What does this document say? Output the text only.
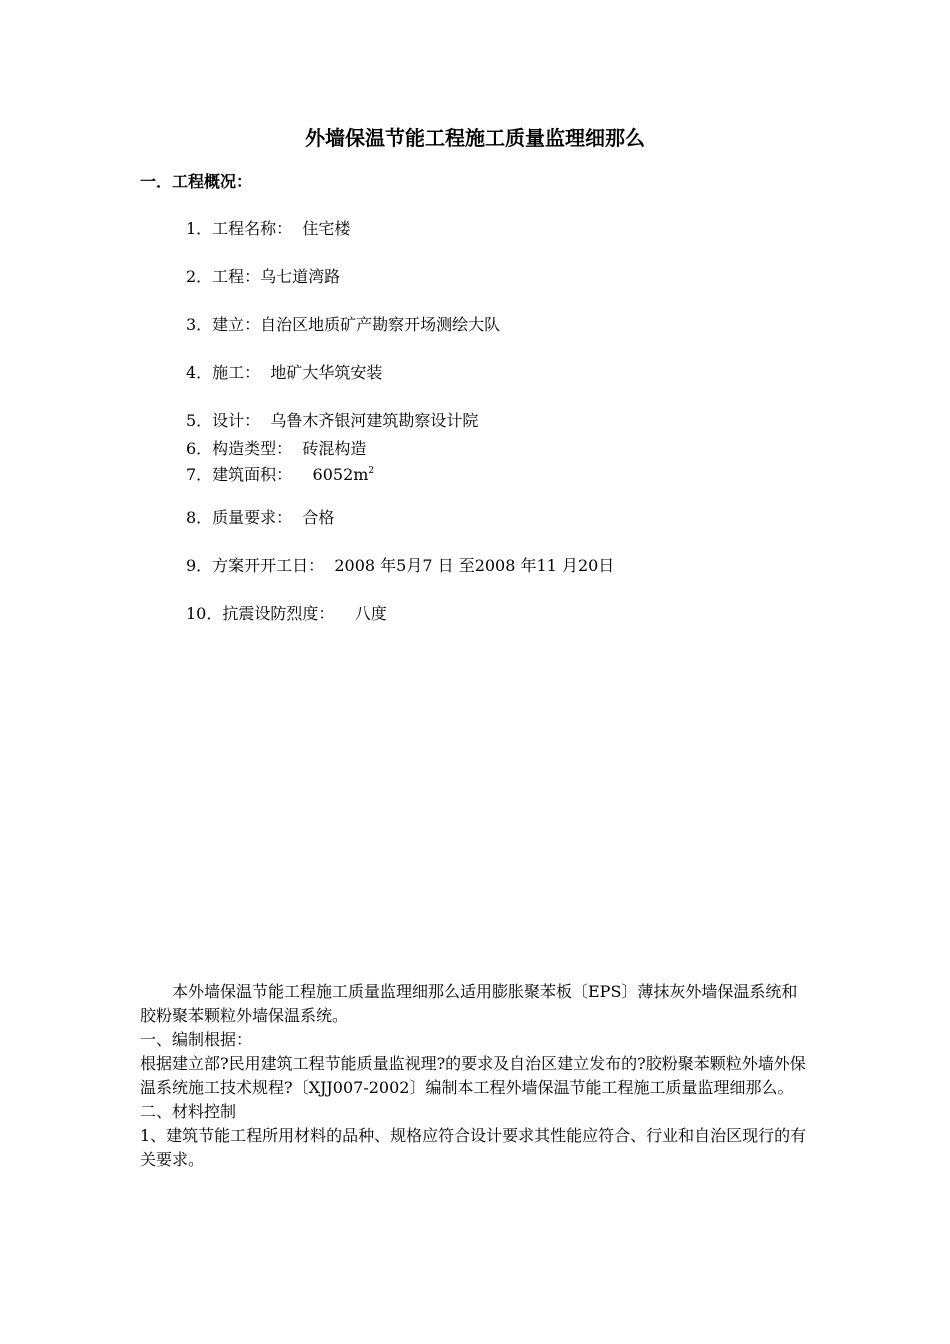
外墙保温节能工程施工质量监理细那么
一．工程概况：
1．工程名称：  住宅楼
2．工程：乌七道湾路
3．建立：自治区地质矿产勘察开场测绘大队
4．施工：  地矿大华筑安装
5．设计：  乌鲁木齐银河建筑勘察设计院
6．构造类型：  砖混构造
7．建筑面积：    $6052m^2$
8．质量要求：  合格
9．方案开开工日：  2008 年5月7 日 至2008 年11 月20日
10．抗震设防烈度：    八度

本外墙保温节能工程施工质量监理细那么适用膨胀聚苯板〔EPS〕薄抹灰外墙保温系统和胶粉聚苯颗粒外墙保温系统。

一、编制根据：

根据建立部?民用建筑工程节能质量监视理?的要求及自治区建立发布的?胶粉聚苯颗粒外墙外保温系统施工技术规程?〔XJJ007-2002〕编制本工程外墙保温节能工程施工质量监理细那么。

二、材料控制

1、建筑节能工程所用材料的品种、规格应符合设计要求其性能应符合、行业和自治区现行的有关要求。
